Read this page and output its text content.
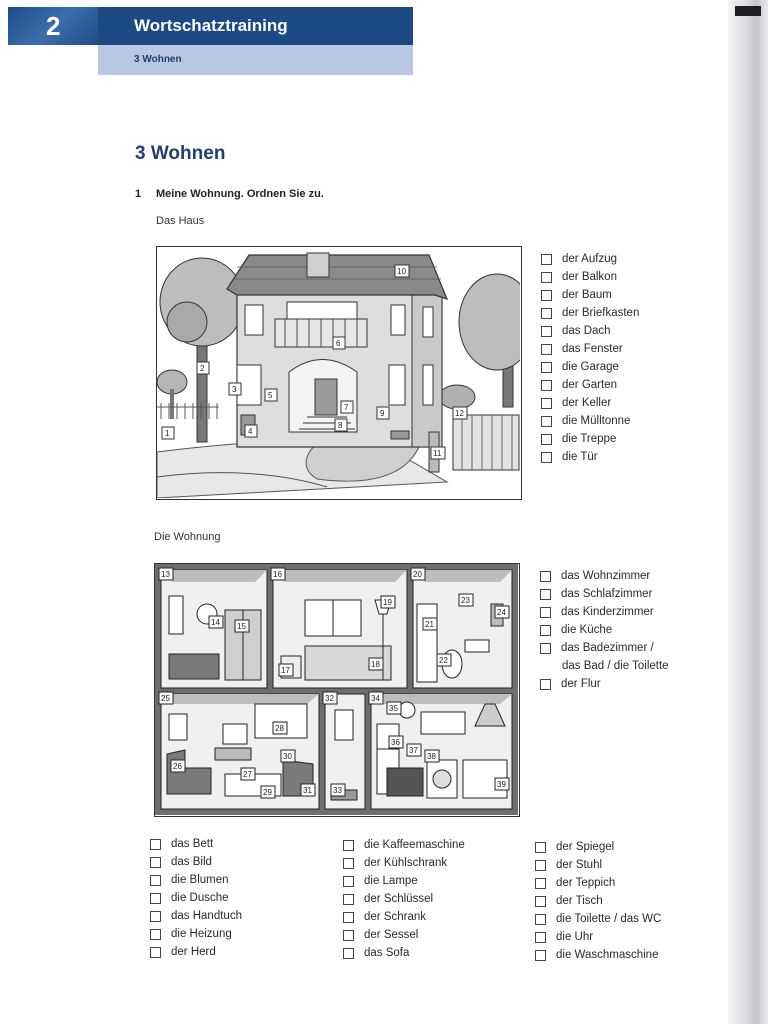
2	Wortschatztraining
3 Wohnen
3 Wohnen
1 Meine Wohnung. Ordnen Sie zu.
Das Haus
1
2
3
4
5
6
7
8
9
10
11
12
der Aufzug
der Balkon
der Baum
der Briefkasten
das Dach
das Fenster
die Garage
der Garten
der Keller
die Mülltonne
die Treppe
die Tür
Die Wohnung
13
14 15
16
17
18
19
20
21
22
23
24
25
26
27
28
29
30
31
32
33
34
35
36
37
38
39
das Wohnzimmer
das Schlafzimmer
das Kinderzimmer
die Küche
das Badezimmer /
das Bad / die Toilette
der Flur
das Bett
das Bild
die Blumen
die Dusche
das Handtuch
die Heizung
der Herd
die Kaffeemaschine
der Kühlschrank
die Lampe
der Schlüssel
der Schrank
der Sessel
das Sofa
der Spiegel
der Stuhl
der Teppich
der Tisch
die Toilette / das WC
die Uhr
die Waschmaschine
